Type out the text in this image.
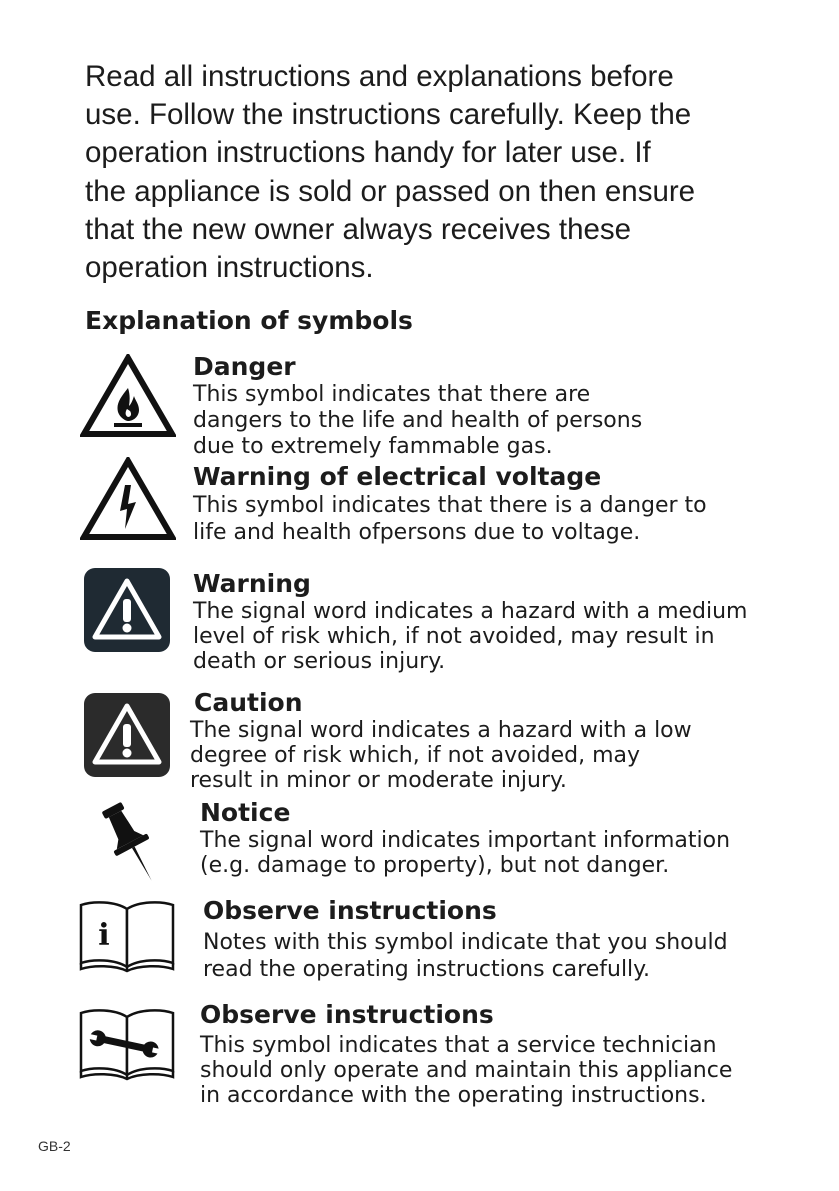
Read all instructions and explanations before
use. Follow the instructions carefully. Keep the
operation instructions handy for later use. If
the appliance is sold or passed on then ensure
that the new owner always receives these
operation instructions.

Explanation of symbols

Danger

This symbol indicates that there are
dangers to the life and health of persons
due to extremely fammable gas.

Warning of electrical voltage

This symbol indicates that there is a danger to
life and health ofpersons due to voltage.

Warning

The signal word indicates a hazard with a medium
level of risk which, if not avoided, may result in
death or serious injury.

Caution

The signal word indicates a hazard with a low
degree of risk which, if not avoided, may
result in minor or moderate injury.

Notice

The signal word indicates important information
(e.g. damage to property), but not danger.

i

Observe instructions

Notes with this symbol indicate that you should
read the operating instructions carefully.

Observe instructions

This symbol indicates that a service technician
should only operate and maintain this appliance
in accordance with the operating instructions.

GB-2
